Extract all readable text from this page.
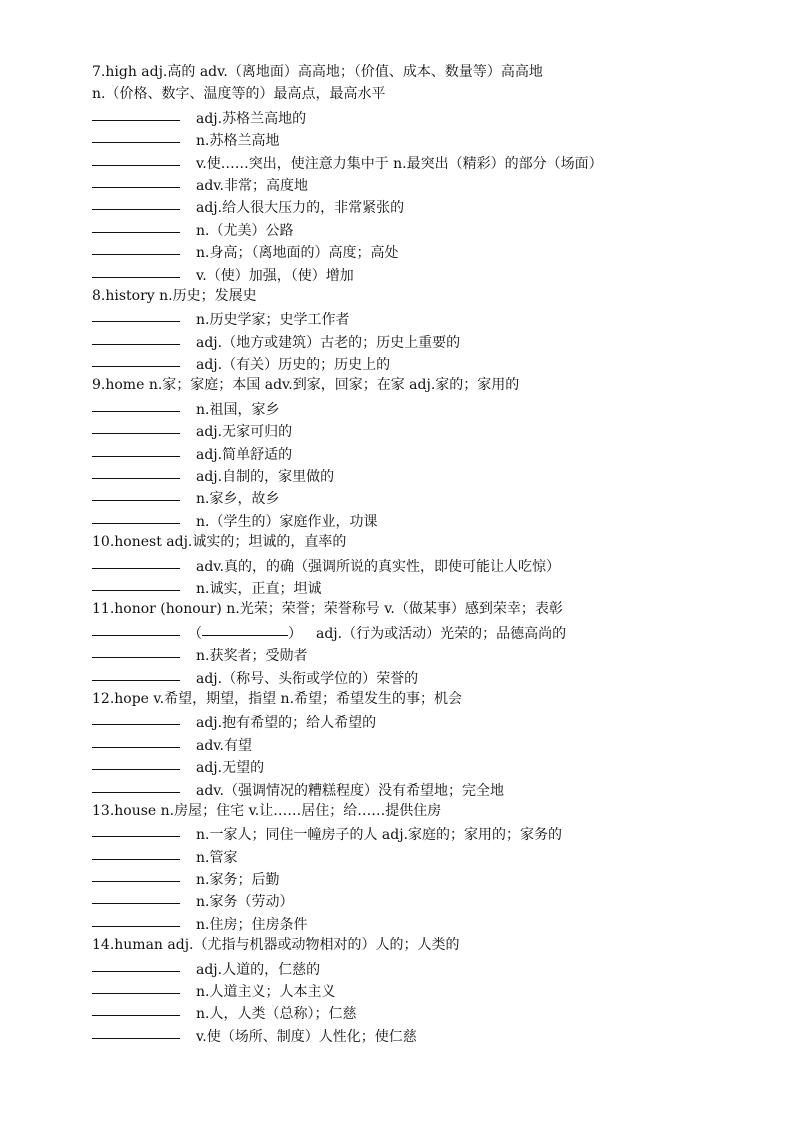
7.high adj.高的 adv.（离地面）高高地；（价值、成本、数量等）高高地
n.（价格、数字、温度等的）最高点，最高水平
adj.苏格兰高地的
n.苏格兰高地
v.使……突出，使注意力集中于 n.最突出（精彩）的部分（场面）
adv.非常；高度地
adj.给人很大压力的，非常紧张的
n.（尤美）公路
n.身高；（离地面的）高度；高处
v.（使）加强，（使）增加
8.history n.历史；发展史
n.历史学家；史学工作者
adj.（地方或建筑）古老的；历史上重要的
adj.（有关）历史的；历史上的
9.home n.家；家庭；本国 adv.到家，回家；在家 adj.家的；家用的
n.祖国，家乡
adj.无家可归的
adj.简单舒适的
adj.自制的，家里做的
n.家乡，故乡
n.（学生的）家庭作业，功课
10.honest adj.诚实的；坦诚的，直率的
adv.真的，的确（强调所说的真实性，即使可能让人吃惊）
n.诚实，正直；坦诚
11.honor (honour) n.光荣；荣誉；荣誉称号 v.（做某事）感到荣幸；表彰
（	） adj.（行为或活动）光荣的；品德高尚的
n.获奖者；受勋者
adj.（称号、头衔或学位的）荣誉的
12.hope v.希望，期望，指望 n.希望；希望发生的事；机会
adj.抱有希望的；给人希望的
adv.有望
adj.无望的
adv.（强调情况的糟糕程度）没有希望地；完全地
13.house n.房屋；住宅 v.让……居住；给……提供住房
n.一家人；同住一幢房子的人 adj.家庭的；家用的；家务的
n.管家
n.家务；后勤
n.家务（劳动）
n.住房；住房条件
14.human adj.（尤指与机器或动物相对的）人的；人类的
adj.人道的，仁慈的
n.人道主义；人本主义
n.人，人类（总称）；仁慈
v.使（场所、制度）人性化；使仁慈
